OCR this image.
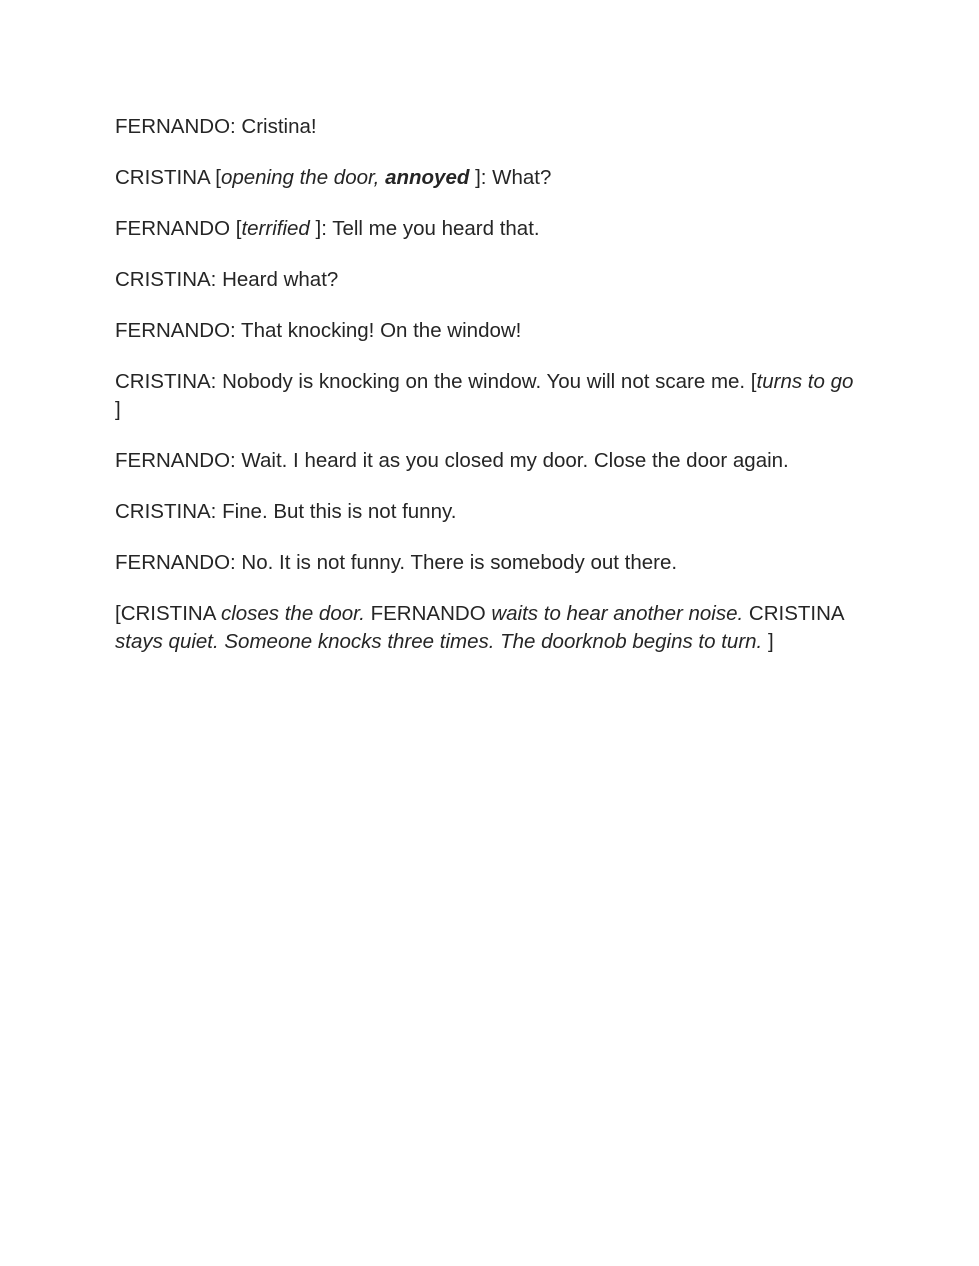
FERNANDO: Cristina!

CRISTINA [opening the door, annoyed ]: What?

FERNANDO [terrified ]: Tell me you heard that.

CRISTINA: Heard what?

FERNANDO: That knocking! On the window!

CRISTINA: Nobody is knocking on the window. You will not scare me. [turns to go ]

FERNANDO: Wait. I heard it as you closed my door. Close the door again.

CRISTINA: Fine. But this is not funny.

FERNANDO: No. It is not funny. There is somebody out there.

[CRISTINA closes the door. FERNANDO waits to hear another noise. CRISTINA stays quiet. Someone knocks three times. The doorknob begins to turn. ]
